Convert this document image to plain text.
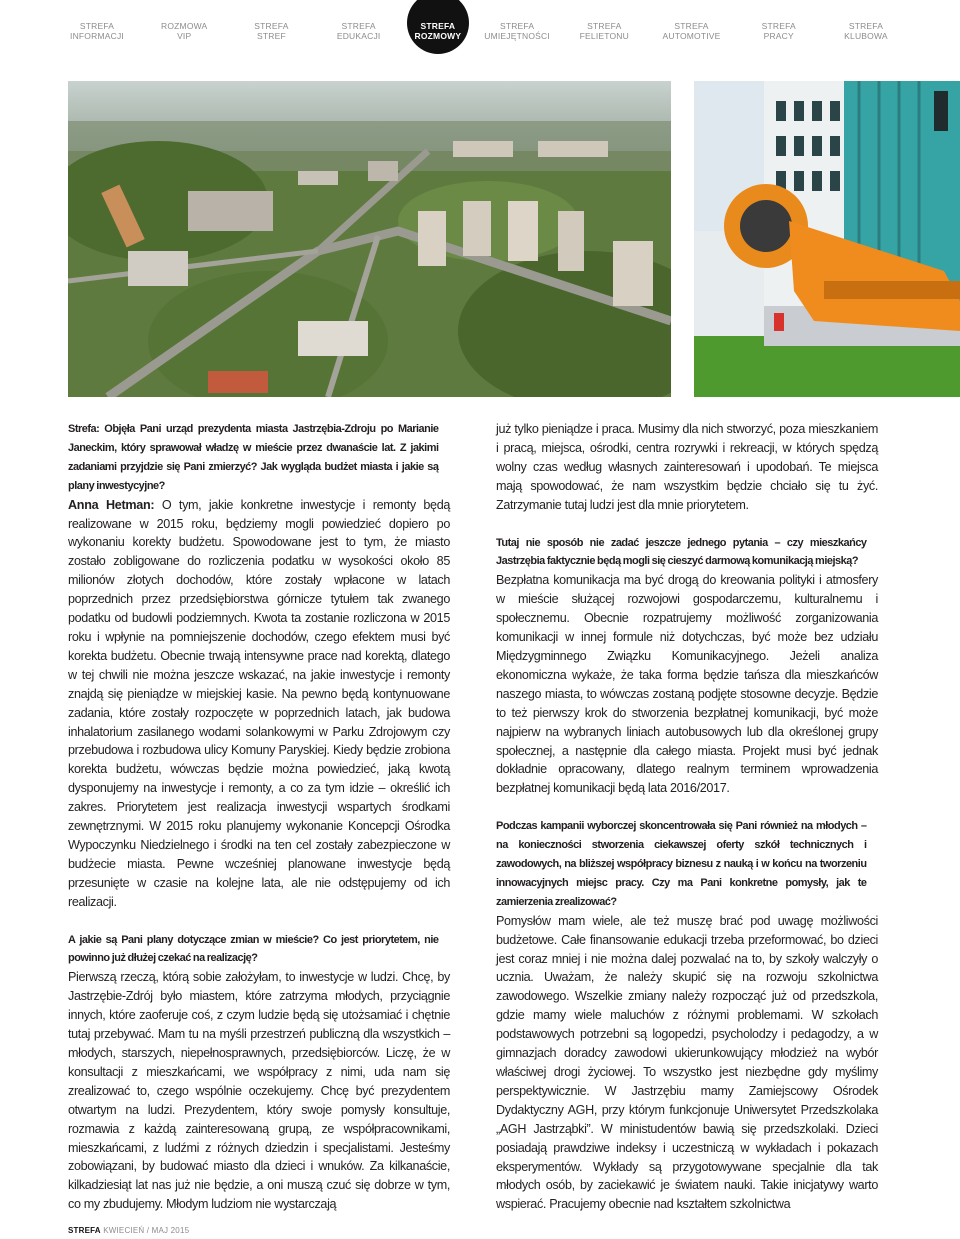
STREFA
INFORMACJI
ROZMOWA
VIP
STREFA
STREF
STREFA
EDUKACJI
STREFA
ROZMOWY
STREFA
UMIEJĘTNOŚCI
STREFA
FELIETONU
STREFA
AUTOMOTIVE
STREFA
PRACY
STREFA
KLUBOWA

Strefa: Objęła Pani urząd prezydenta miasta Jastrzębia-Zdroju po Marianie Janeckim, który sprawował władzę w mieście przez dwanaście lat. Z jakimi zadaniami przyjdzie się Pani zmierzyć? Jak wygląda budżet miasta i jakie są plany inwestycyjne?

Anna Hetman: O tym, jakie konkretne inwestycje i remonty będą realizowane w 2015 roku, będziemy mogli powiedzieć dopiero po wykonaniu korekty budżetu. Spowodowane jest to tym, że miasto zostało zobligowane do rozliczenia podatku w wysokości około 85 milionów złotych dochodów, które zostały wpłacone w latach poprzednich przez przedsiębiorstwa górnicze tytułem tak zwanego podatku od budowli podziemnych. Kwota ta zostanie rozliczona w 2015 roku i wpłynie na pomniejszenie dochodów, czego efektem musi być korekta budżetu. Obecnie trwają intensywne prace nad korektą, dlatego w tej chwili nie można jeszcze wskazać, na jakie inwestycje i remonty znajdą się pieniądze w miejskiej kasie. Na pewno będą kontynuowane zadania, które zostały rozpoczęte w poprzednich latach, jak budowa inhalatorium zasilanego wodami solankowymi w Parku Zdrojowym czy przebudowa i rozbudowa ulicy Komuny Paryskiej. Kiedy będzie zrobiona korekta budżetu, wówczas będzie można powiedzieć, jaką kwotą dysponujemy na inwestycje i remonty, a co za tym idzie – określić ich zakres. Priorytetem jest realizacja inwestycji wspartych środkami zewnętrznymi. W 2015 roku planujemy wykonanie Koncepcji Ośrodka Wypoczynku Niedzielnego i środki na ten cel zostały zabezpieczone w budżecie miasta. Pewne wcześniej planowane inwestycje będą przesunięte w czasie na kolejne lata, ale nie odstępujemy od ich realizacji.

A jakie są Pani plany dotyczące zmian w mieście? Co jest priorytetem, nie powinno już dłużej czekać na realizację?

Pierwszą rzeczą, którą sobie założyłam, to inwestycje w ludzi. Chcę, by Jastrzębie-Zdrój było miastem, które zatrzyma młodych, przyciągnie innych, które zaoferuje coś, z czym ludzie będą się utożsamiać i chętnie tutaj przebywać. Mam tu na myśli przestrzeń publiczną dla wszystkich – młodych, starszych, niepełnosprawnych, przedsiębiorców. Liczę, że w konsultacji z mieszkańcami, we współpracy z nimi, uda nam się zrealizować to, czego wspólnie oczekujemy. Chcę być prezydentem otwartym na ludzi. Prezydentem, który swoje pomysły konsultuje, rozmawia z każdą zainteresowaną grupą, ze współpracownikami, mieszkańcami, z ludźmi z różnych dziedzin i specjalistami. Jesteśmy zobowiązani, by budować miasto dla dzieci i wnuków. Za kilkanaście, kilkadziesiąt lat nas już nie będzie, a oni muszą czuć się dobrze w tym, co my zbudujemy. Młodym ludziom nie wystarczają

już tylko pieniądze i praca. Musimy dla nich stworzyć, poza mieszkaniem i pracą, miejsca, ośrodki, centra rozrywki i rekreacji, w których spędzą wolny czas według własnych zainteresowań i upodobań. Te miejsca mają spowodować, że nam wszystkim będzie chciało się tu żyć. Zatrzymanie tutaj ludzi jest dla mnie priorytetem.

Tutaj nie sposób nie zadać jeszcze jednego pytania – czy mieszkańcy Jastrzębia faktycznie będą mogli się cieszyć darmową komunikacją miejską?

Bezpłatna komunikacja ma być drogą do kreowania polityki i atmosfery w mieście służącej rozwojowi gospodarczemu, kulturalnemu i społecznemu. Obecnie rozpatrujemy możliwość zorganizowania komunikacji w innej formule niż dotychczas, być może bez udziału Międzygminnego Związku Komunikacyjnego. Jeżeli analiza ekonomiczna wykaże, że taka forma będzie tańsza dla mieszkańców naszego miasta, to wówczas zostaną podjęte stosowne decyzje. Będzie to też pierwszy krok do stworzenia bezpłatnej komunikacji, być może najpierw na wybranych liniach autobusowych lub dla określonej grupy społecznej, a następnie dla całego miasta. Projekt musi być jednak dokładnie opracowany, dlatego realnym terminem wprowadzenia bezpłatnej komunikacji będą lata 2016/2017.

Podczas kampanii wyborczej skoncentrowała się Pani również na młodych – na konieczności stworzenia ciekawszej oferty szkół technicznych i zawodowych, na bliższej współpracy biznesu z nauką i w końcu na tworzeniu innowacyjnych miejsc pracy. Czy ma Pani konkretne pomysły, jak te zamierzenia zrealizować?

Pomysłów mam wiele, ale też muszę brać pod uwagę możliwości budżetowe. Całe finansowanie edukacji trzeba przeformować, bo dzieci jest coraz mniej i nie można dalej pozwalać na to, by szkoły walczyły o ucznia. Uważam, że należy skupić się na rozwoju szkolnictwa zawodowego. Wszelkie zmiany należy rozpocząć już od przedszkola, gdzie mamy wiele maluchów z różnymi problemami. W szkołach podstawowych potrzebni są logopedzi, psycholodzy i pedagodzy, a w gimnazjach doradcy zawodowi ukierunkowujący młodzież na wybór właściwej drogi życiowej. To wszystko jest niezbędne gdy myślimy perspektywicznie. W Jastrzębiu mamy Zamiejscowy Ośrodek Dydaktyczny AGH, przy którym funkcjonuje Uniwersytet Przedszkolaka „AGH Jastrząbki”. W ministudentów bawią się przedszkolaki. Dzieci posiadają prawdziwe indeksy i uczestniczą w wykładach i pokazach eksperymentów. Wykłady są przygotowywane specjalnie dla tak młodych osób, by zaciekawić je światem nauki. Takie inicjatywy warto wspierać. Pracujemy obecnie nad kształtem szkolnictwa

STREFA KWIECIEŃ / MAJ 2015
